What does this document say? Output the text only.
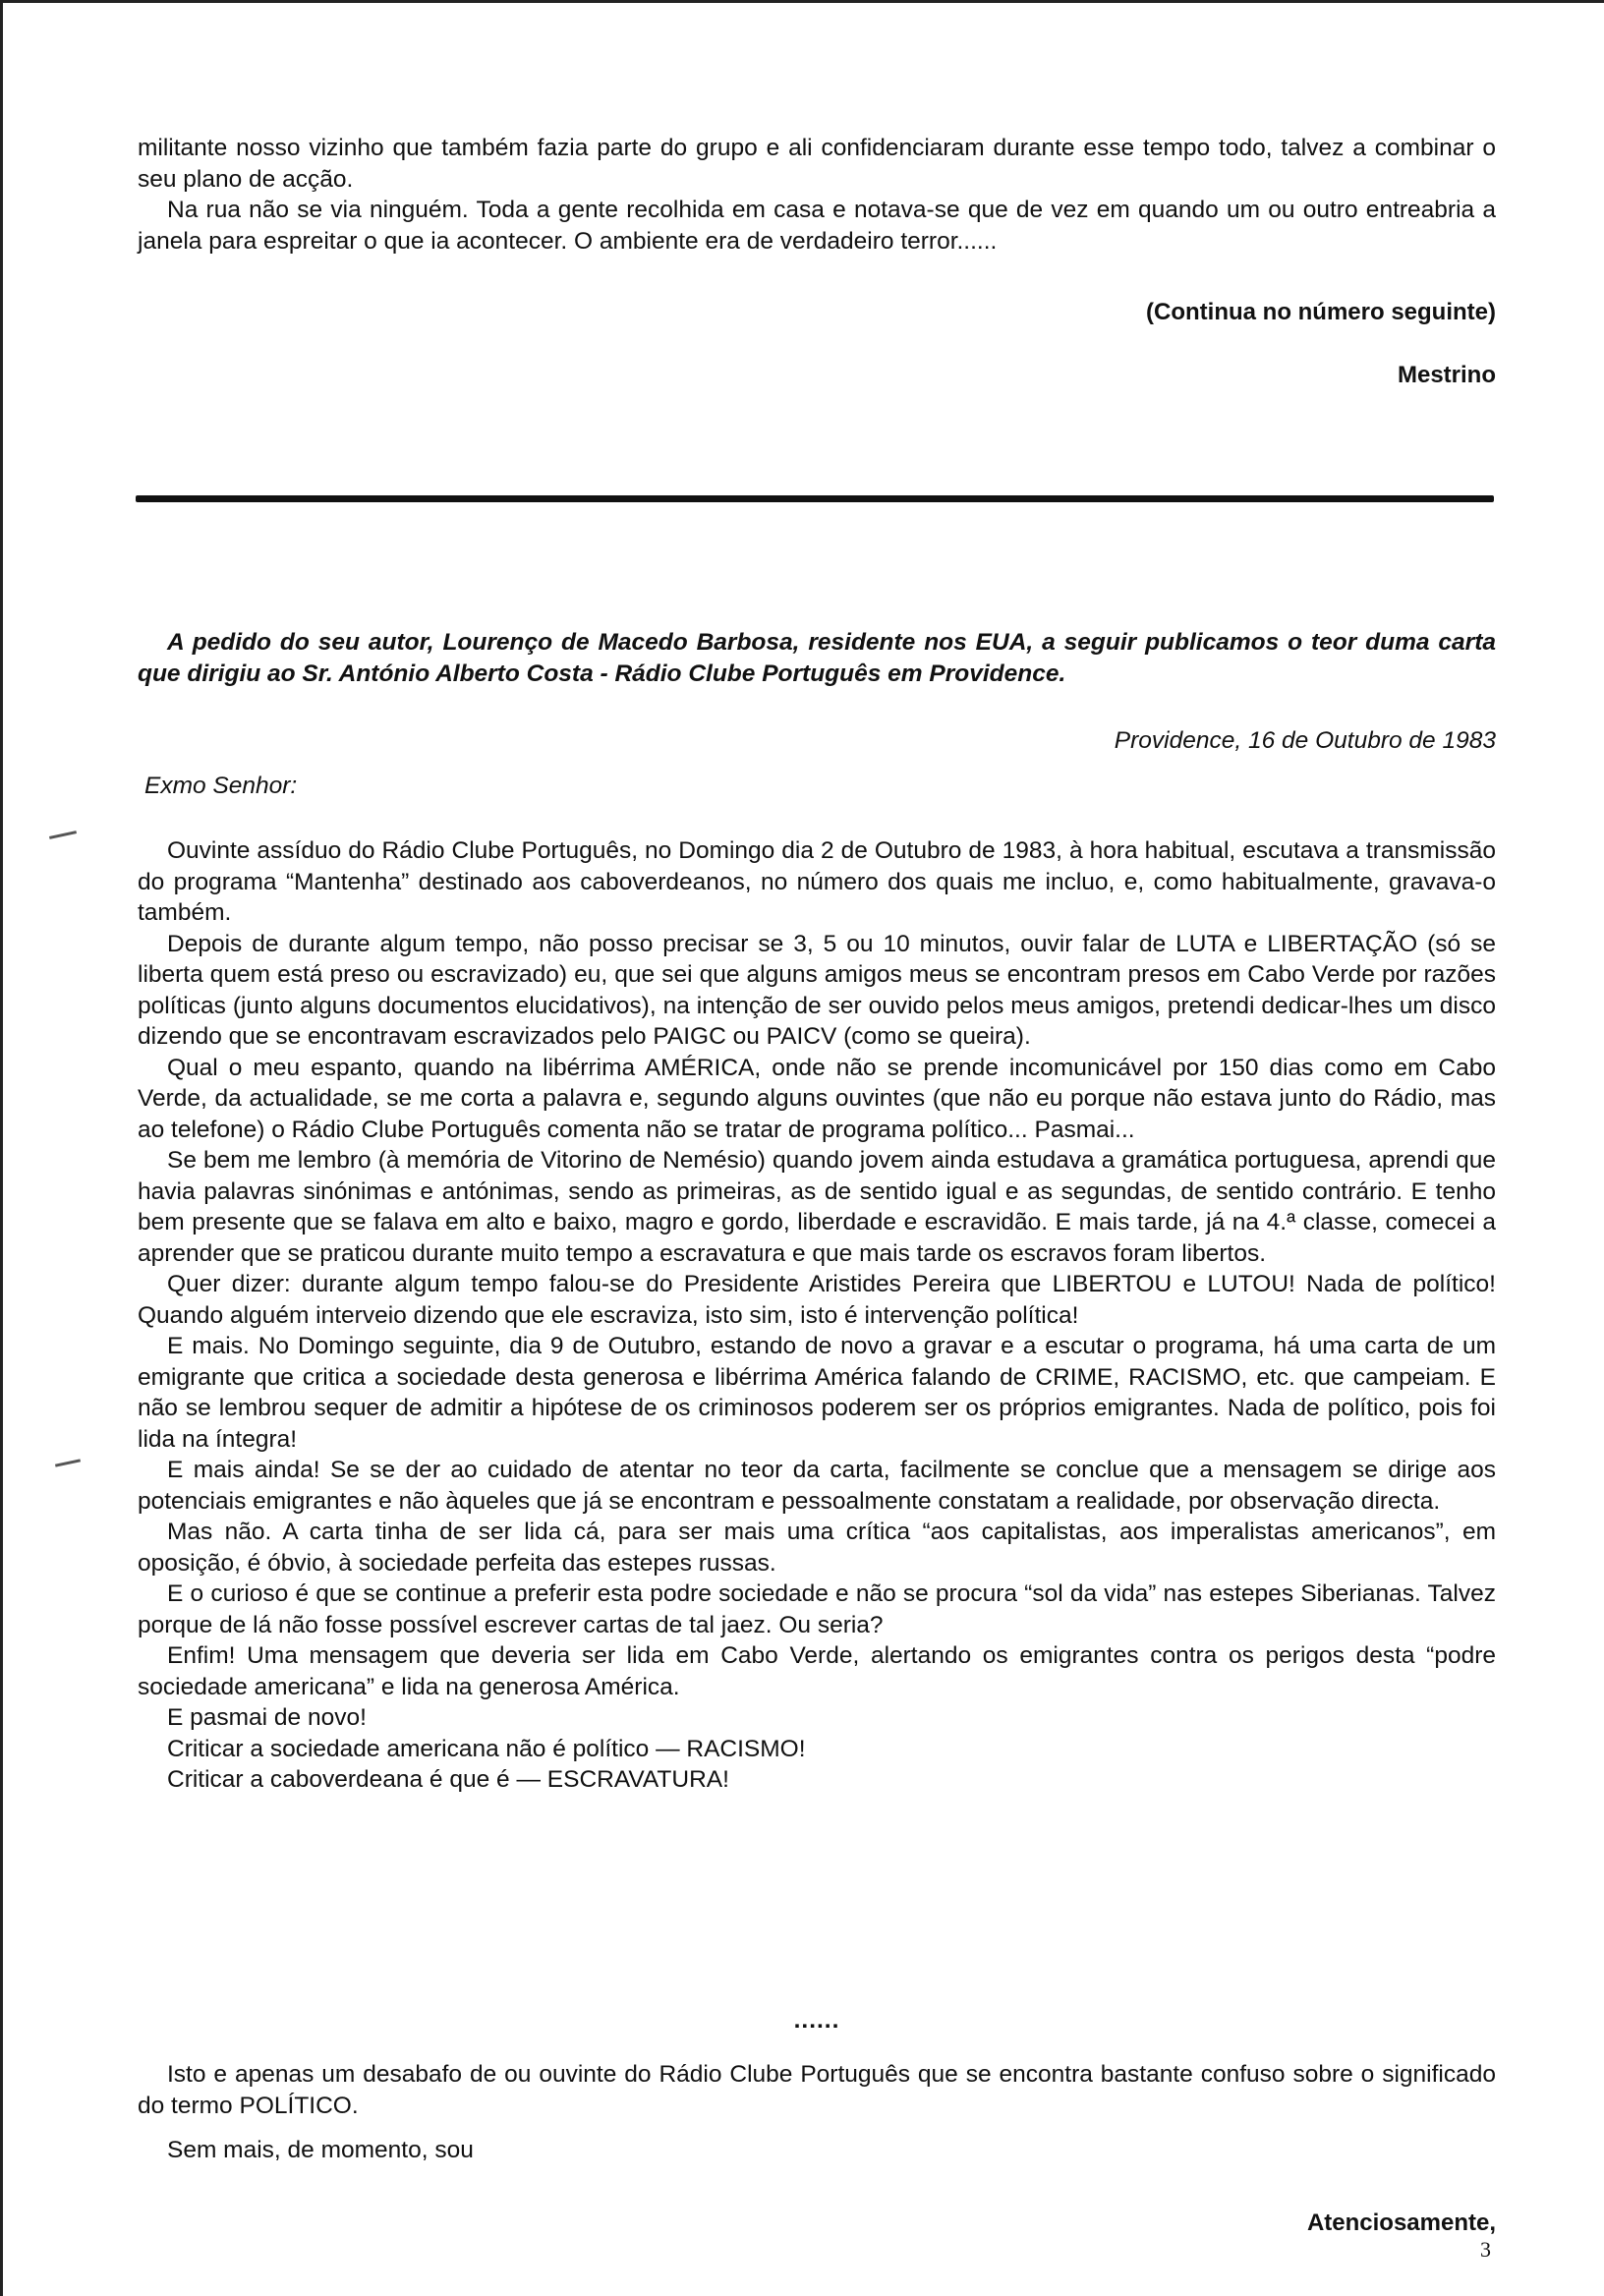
militante nosso vizinho que também fazia parte do grupo e ali confidenciaram durante esse tempo todo, talvez a combinar o seu plano de acção.

Na rua não se via ninguém. Toda a gente recolhida em casa e notava-se que de vez em quando um ou outro entreabria a janela para espreitar o que ia acontecer. O ambiente era de verdadeiro terror......

(Continua no número seguinte)

Mestrino

A pedido do seu autor, Lourenço de Macedo Barbosa, residente nos EUA, a seguir publicamos o teor duma carta que dirigiu ao Sr. António Alberto Costa - Rádio Clube Português em Providence.

Providence, 16 de Outubro de 1983

Exmo Senhor:

Ouvinte assíduo do Rádio Clube Português, no Domingo dia 2 de Outubro de 1983, à hora habitual, escutava a transmissão do programa “Mantenha” destinado aos caboverdeanos, no número dos quais me incluo, e, como habitualmente, gravava-o também.

Depois de durante algum tempo, não posso precisar se 3, 5 ou 10 minutos, ouvir falar de LUTA e LIBERTAÇÃO (só se liberta quem está preso ou escravizado) eu, que sei que alguns amigos meus se encontram presos em Cabo Verde por razões políticas (junto alguns documentos elucidativos), na intenção de ser ouvido pelos meus amigos, pretendi dedicar-lhes um disco dizendo que se encontravam escravizados pelo PAIGC ou PAICV (como se queira).

Qual o meu espanto, quando na libérrima AMÉRICA, onde não se prende incomunicável por 150 dias como em Cabo Verde, da actualidade, se me corta a palavra e, segundo alguns ouvintes (que não eu porque não estava junto do Rádio, mas ao telefone) o Rádio Clube Português comenta não se tratar de programa político... Pasmai...

Se bem me lembro (à memória de Vitorino de Nemésio) quando jovem ainda estudava a gramática portuguesa, aprendi que havia palavras sinónimas e antónimas, sendo as primeiras, as de sentido igual e as segundas, de sentido contrário. E tenho bem presente que se falava em alto e baixo, magro e gordo, liberdade e escravidão. E mais tarde, já na 4.ª classe, comecei a aprender que se praticou durante muito tempo a escravatura e que mais tarde os escravos foram libertos.

Quer dizer: durante algum tempo falou-se do Presidente Aristides Pereira que LIBERTOU e LUTOU! Nada de político! Quando alguém interveio dizendo que ele escraviza, isto sim, isto é intervenção política!

E mais. No Domingo seguinte, dia 9 de Outubro, estando de novo a gravar e a escutar o programa, há uma carta de um emigrante que critica a sociedade desta generosa e libérrima América falando de CRIME, RACISMO, etc. que campeiam. E não se lembrou sequer de admitir a hipótese de os criminosos poderem ser os próprios emigrantes. Nada de político, pois foi lida na íntegra!

E mais ainda! Se se der ao cuidado de atentar no teor da carta, facilmente se conclue que a mensagem se dirige aos potenciais emigrantes e não àqueles que já se encontram e pessoalmente constatam a realidade, por observação directa.

Mas não. A carta tinha de ser lida cá, para ser mais uma crítica “aos capitalistas, aos imperalistas americanos”, em oposição, é óbvio, à sociedade perfeita das estepes russas.

E o curioso é que se continue a preferir esta podre sociedade e não se procura “sol da vida” nas estepes Siberianas. Talvez porque de lá não fosse possível escrever cartas de tal jaez. Ou seria?

Enfim! Uma mensagem que deveria ser lida em Cabo Verde, alertando os emigrantes contra os perigos desta “podre sociedade americana” e lida na generosa América.

E pasmai de novo!

Criticar a sociedade americana não é político — RACISMO!

Criticar a caboverdeana é que é — ESCRAVATURA!

......

Isto e apenas um desabafo de ou ouvinte do Rádio Clube Português que se encontra bastante confuso sobre o significado do termo POLÍTICO.

Sem mais, de momento, sou

Atenciosamente,

3
